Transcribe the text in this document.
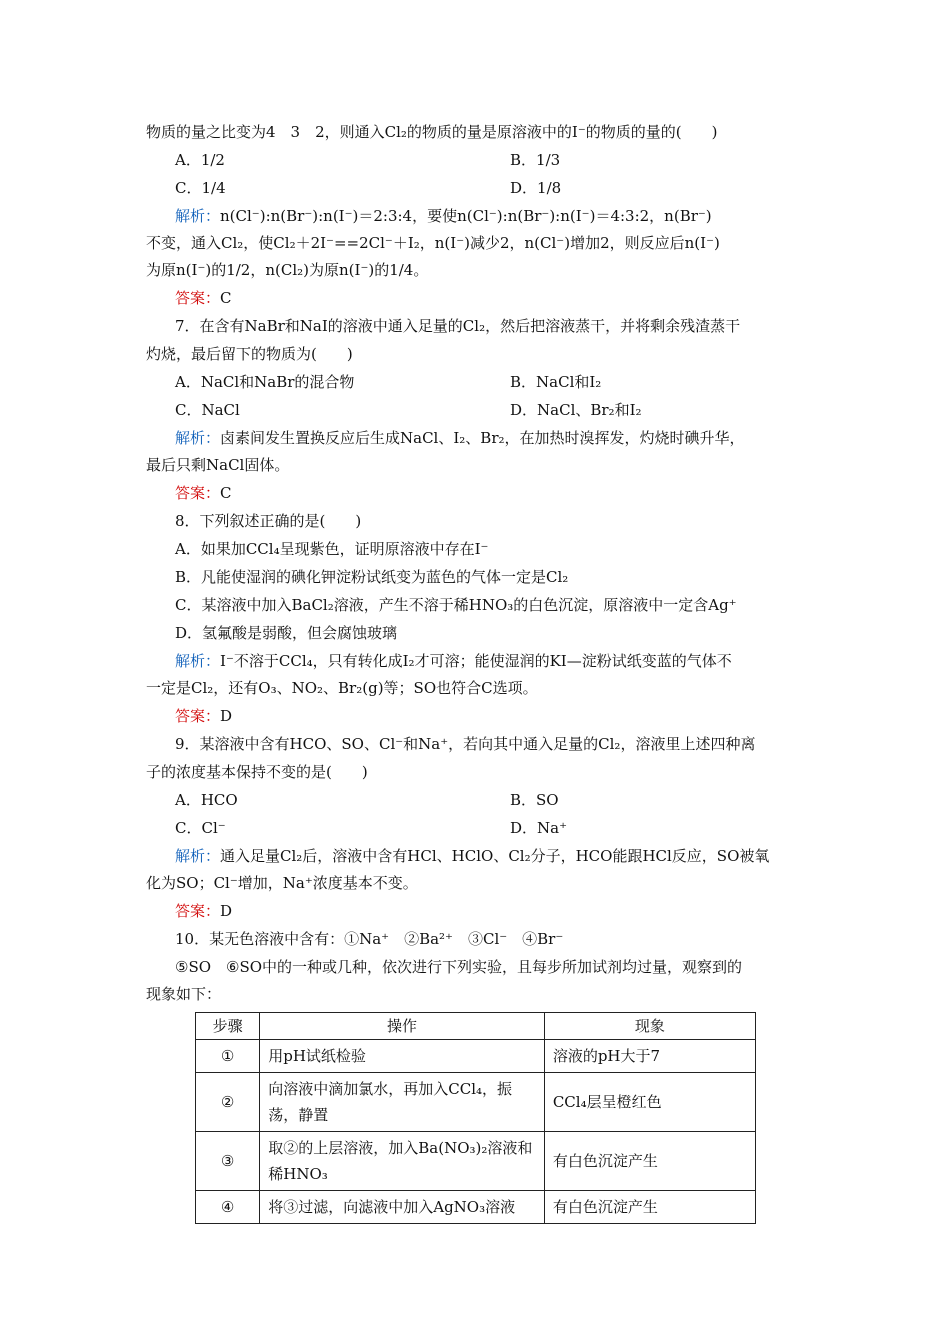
物质的量之比变为4　3　2，则通入Cl₂的物质的量是原溶液中的I⁻的物质的量的(　　)
A．1/2	B．1/3
C．1/4	D．1/8
解析：n(Cl⁻):n(Br⁻):n(I⁻)＝2:3:4，要使n(Cl⁻):n(Br⁻):n(I⁻)＝4:3:2，n(Br⁻)
不变，通入Cl₂，使Cl₂＋2I⁻==2Cl⁻＋I₂，n(I⁻)减少2，n(Cl⁻)增加2，则反应后n(I⁻)
为原n(I⁻)的1/2，n(Cl₂)为原n(I⁻)的1/4。
答案：C
7．在含有NaBr和NaI的溶液中通入足量的Cl₂，然后把溶液蒸干，并将剩余残渣蒸干
灼烧，最后留下的物质为(　　)
A．NaCl和NaBr的混合物	B．NaCl和I₂
C．NaCl	D．NaCl、Br₂和I₂
解析：卤素间发生置换反应后生成NaCl、I₂、Br₂，在加热时溴挥发，灼烧时碘升华，
最后只剩NaCl固体。
答案：C
8．下列叙述正确的是(　　)
A．如果加CCl₄呈现紫色，证明原溶液中存在I⁻
B．凡能使湿润的碘化钾淀粉试纸变为蓝色的气体一定是Cl₂
C．某溶液中加入BaCl₂溶液，产生不溶于稀HNO₃的白色沉淀，原溶液中一定含Ag⁺
D．氢氟酸是弱酸，但会腐蚀玻璃
解析：I⁻不溶于CCl₄，只有转化成I₂才可溶；能使湿润的KI—淀粉试纸变蓝的气体不
一定是Cl₂，还有O₃、NO₂、Br₂(g)等；SO也符合C选项。
答案：D
9．某溶液中含有HCO、SO、Cl⁻和Na⁺，若向其中通入足量的Cl₂，溶液里上述四种离
子的浓度基本保持不变的是(　　)
A．HCO	B．SO
C．Cl⁻	D．Na⁺
解析：通入足量Cl₂后，溶液中含有HCl、HClO、Cl₂分子，HCO能跟HCl反应，SO被氧
化为SO；Cl⁻增加，Na⁺浓度基本不变。
答案：D
10．某无色溶液中含有：①Na⁺　②Ba²⁺　③Cl⁻　④Br⁻
⑤SO　⑥SO中的一种或几种，依次进行下列实验，且每步所加试剂均过量，观察到的
现象如下：
步骤	操作	现象
①	用pH试纸检验	溶液的pH大于7
②	向溶液中滴加氯水，再加入CCl₄，振荡，静置	CCl₄层呈橙红色
③	取②的上层溶液，加入Ba(NO₃)₂溶液和稀HNO₃	有白色沉淀产生
④	将③过滤，向滤液中加入AgNO₃溶液	有白色沉淀产生
